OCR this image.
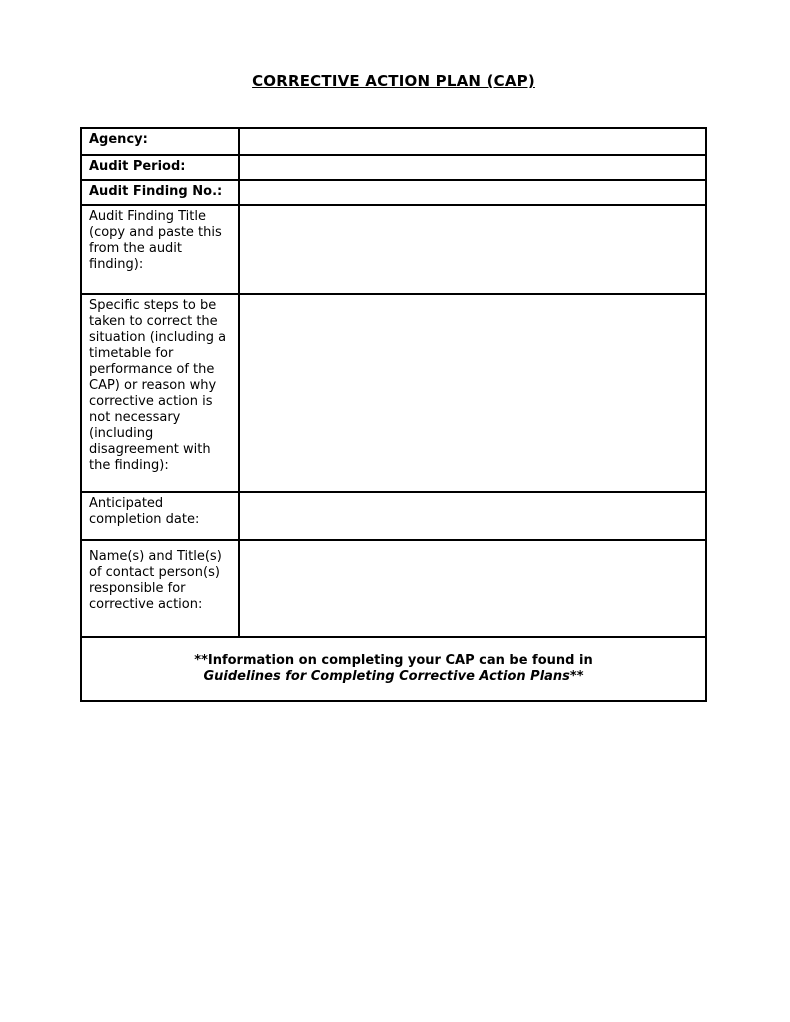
CORRECTIVE ACTION PLAN (CAP)
Agency:	
Audit Period:	
Audit Finding No.:	
Audit Finding Title (copy and paste this from the audit finding):	
Specific steps to be taken to correct the situation (including a timetable for performance of the CAP) or reason why corrective action is not necessary (including disagreement with the finding):	
Anticipated completion date:	
Name(s) and Title(s) of contact person(s) responsible for corrective action:	

**Information on completing your CAP can be found in
Guidelines for Completing Corrective Action Plans**	
